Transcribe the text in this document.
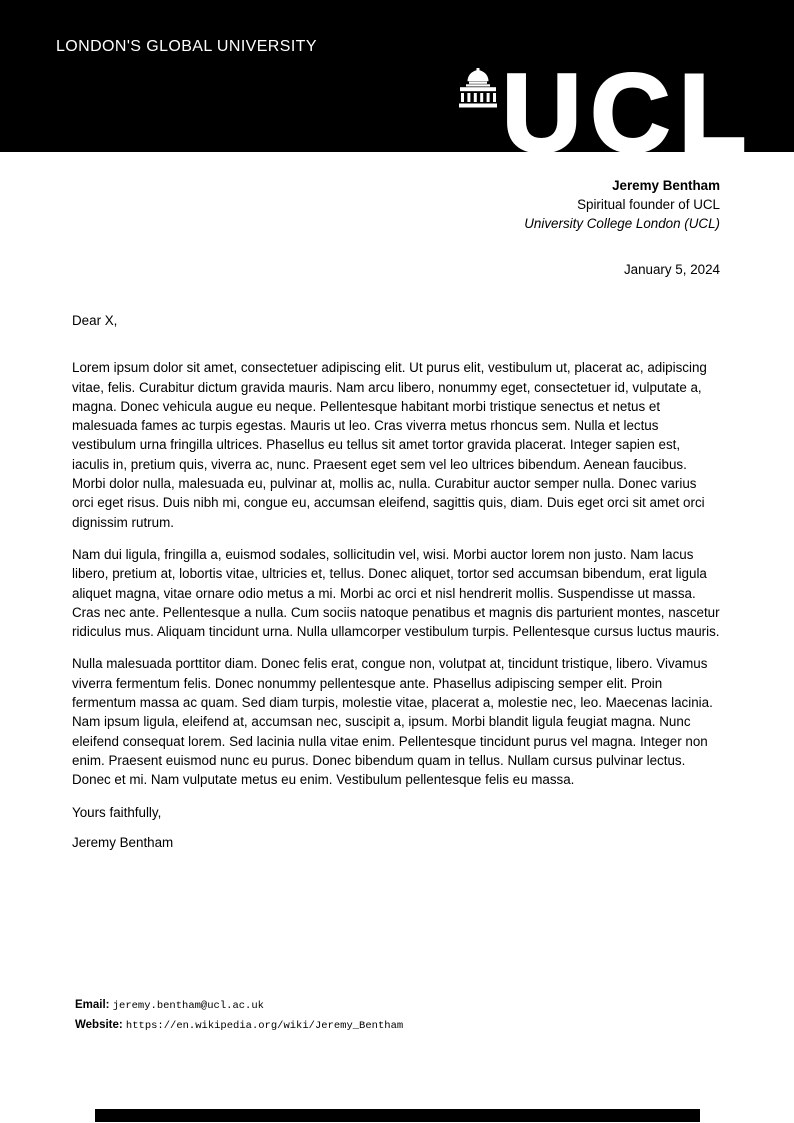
LONDON'S GLOBAL UNIVERSITY
UCL
Jeremy Bentham
Spiritual founder of UCL
University College London (UCL)
January 5, 2024
Dear X,

Lorem ipsum dolor sit amet, consectetuer adipiscing elit. Ut purus elit, vestibulum ut, placerat ac, adipiscing vitae, felis. Curabitur dictum gravida mauris. Nam arcu libero, nonummy eget, consectetuer id, vulputate a, magna. Donec vehicula augue eu neque. Pellentesque habitant morbi tristique senectus et netus et malesuada fames ac turpis egestas. Mauris ut leo. Cras viverra metus rhoncus sem. Nulla et lectus vestibulum urna fringilla ultrices. Phasellus eu tellus sit amet tortor gravida placerat. Integer sapien est, iaculis in, pretium quis, viverra ac, nunc. Praesent eget sem vel leo ultrices bibendum. Aenean faucibus. Morbi dolor nulla, malesuada eu, pulvinar at, mollis ac, nulla. Curabitur auctor semper nulla. Donec varius orci eget risus. Duis nibh mi, congue eu, accumsan eleifend, sagittis quis, diam. Duis eget orci sit amet orci dignissim rutrum.

Nam dui ligula, fringilla a, euismod sodales, sollicitudin vel, wisi. Morbi auctor lorem non justo. Nam lacus libero, pretium at, lobortis vitae, ultricies et, tellus. Donec aliquet, tortor sed accumsan bibendum, erat ligula aliquet magna, vitae ornare odio metus a mi. Morbi ac orci et nisl hendrerit mollis. Suspendisse ut massa. Cras nec ante. Pellentesque a nulla. Cum sociis natoque penatibus et magnis dis parturient montes, nascetur ridiculus mus. Aliquam tincidunt urna. Nulla ullamcorper vestibulum turpis. Pellentesque cursus luctus mauris.

Nulla malesuada porttitor diam. Donec felis erat, congue non, volutpat at, tincidunt tristique, libero. Vivamus viverra fermentum felis. Donec nonummy pellentesque ante. Phasellus adipiscing semper elit. Proin fermentum massa ac quam. Sed diam turpis, molestie vitae, placerat a, molestie nec, leo. Maecenas lacinia. Nam ipsum ligula, eleifend at, accumsan nec, suscipit a, ipsum. Morbi blandit ligula feugiat magna. Nunc eleifend consequat lorem. Sed lacinia nulla vitae enim. Pellentesque tincidunt purus vel magna. Integer non enim. Praesent euismod nunc eu purus. Donec bibendum quam in tellus. Nullam cursus pulvinar lectus. Donec et mi. Nam vulputate metus eu enim. Vestibulum pellentesque felis eu massa.

Yours faithfully,
Jeremy Bentham
Email: jeremy.bentham@ucl.ac.uk
Website: https://en.wikipedia.org/wiki/Jeremy_Bentham
